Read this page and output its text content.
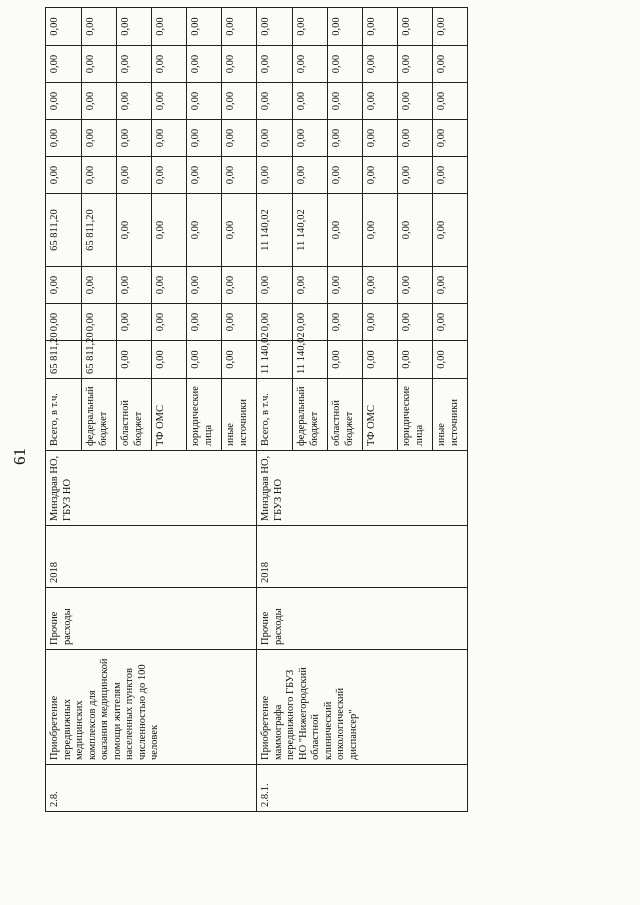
61
2.8.	Приобретение передвижных медицинских комплексов для оказания медицинской помощи жителям населенных пунктов численностью до 100 человек	Прочие расходы	2018	Минздрав НО, ГБУЗ НО	Всего, в т.ч.	65 811,20	0,00	0,00	65 811,20	0,00	0,00	0,00	0,00	0,00
					федеральный бюджет	65 811,20	0,00	0,00	65 811,20	0,00	0,00	0,00	0,00	0,00
					областной бюджет	0,00	0,00	0,00	0,00	0,00	0,00	0,00	0,00	0,00
					ТФ ОМС	0,00	0,00	0,00	0,00	0,00	0,00	0,00	0,00	0,00
					юридические лица	0,00	0,00	0,00	0,00	0,00	0,00	0,00	0,00	0,00
					иные источники	0,00	0,00	0,00	0,00	0,00	0,00	0,00	0,00	0,00
2.8.1.	Приобретение маммографа передвижного ГБУЗ НО "Нижегородский областной клинический онкологический диспансер"	Прочие расходы	2018	Минздрав НО, ГБУЗ НО	Всего, в т.ч.	11 140,02	0,00	0,00	11 140,02	0,00	0,00	0,00	0,00	0,00
					федеральный бюджет	11 140,02	0,00	0,00	11 140,02	0,00	0,00	0,00	0,00	0,00
					областной бюджет	0,00	0,00	0,00	0,00	0,00	0,00	0,00	0,00	0,00
					ТФ ОМС	0,00	0,00	0,00	0,00	0,00	0,00	0,00	0,00	0,00
					юридические лица	0,00	0,00	0,00	0,00	0,00	0,00	0,00	0,00	0,00
					иные источники	0,00	0,00	0,00	0,00	0,00	0,00	0,00	0,00	0,00
